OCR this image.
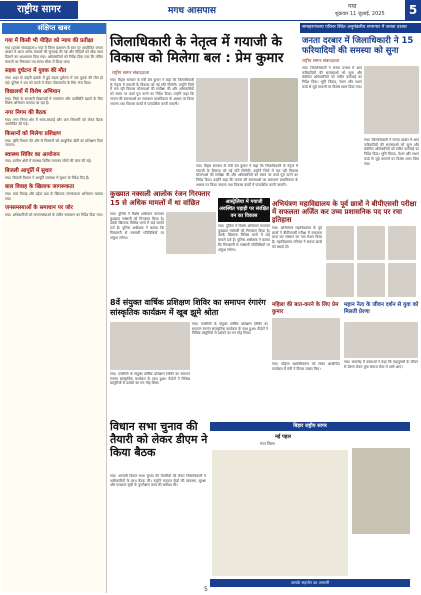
राष्ट्रीय सागर	मगध आसपास	गया
शुक्रवार 11 जुलाई, 2025	5
संक्षिप्त खबर
गया में किसी भी पीड़ित को न्याय की प्रतीक्षा
गया (हमारा संवाददाता)। गया में जिला प्रशासन के स्तर पर आयोजित जनता दरबार में आज अनेक मामलों की सुनवाई की गई और पीड़ितों को शीघ्र न्याय दिलाने का आश्वासन दिया गया। अधिकारियों को निर्देश दिया गया कि लंबित मामलों का निष्पादन तय समय सीमा में किया जाए।
सड़क दुर्घटना में युवक की मौत
गया। शहर के बाहरी इलाके में हुई सड़क दुर्घटना में एक युवक की मौत हो गई। पुलिस ने शव को कब्जे में लेकर पोस्टमार्टम के लिए भेज दिया।
विद्यालयों में विशेष अभियान
गया। जिले के सरकारी विद्यालयों में नामांकन और उपस्थिति बढ़ाने के लिए विशेष अभियान चलाया जा रहा है।
नगर निगम की बैठक
गया। नगर निगम क्षेत्र में साफ-सफाई और जल निकासी को लेकर बैठक आयोजित की गई।
किसानों को मिलेगा प्रशिक्षण
गया। कृषि विभाग की ओर से किसानों को आधुनिक खेती का प्रशिक्षण दिया जाएगा।
स्वास्थ्य शिविर का आयोजन
गया। ग्रामीण क्षेत्रों में स्वास्थ्य शिविर लगाकर लोगों की जांच की गई।
बिजली आपूर्ति में सुधार
गया। बिजली विभाग ने आपूर्ति व्यवस्था में सुधार के निर्देश दिए हैं।
बाल विवाह के खिलाफ जागरूकता
गया। बाल विवाह और दहेज प्रथा के खिलाफ जागरूकता अभियान चलाया गया।
जनसमस्याओं के समाधान पर जोर
गया। अधिकारियों को जनसमस्याओं के त्वरित समाधान का निर्देश दिया गया।
जिलाधिकारी के नेतृत्व में गयाजी के विकास को मिलेगा बल : प्रेम कुमार
राष्ट्रीय सागर संवाददाता
गया। बिहार सरकार के मंत्री प्रेम कुमार ने कहा कि जिलाधिकारी के नेतृत्व में गयाजी के विकास को नई गति मिलेगी। उन्होंने जिले में चल रही विकास योजनाओं की समीक्षा की और अधिकारियों को समय पर कार्य पूरा करने का निर्देश दिया। उन्होंने कहा कि जनता की समस्याओं का समाधान प्राथमिकता के आधार पर किया जाएगा तथा विकास कार्यों में पारदर्शिता बरती जाएगी।
गया। बिहार सरकार के मंत्री प्रेम कुमार ने कहा कि जिलाधिकारी के नेतृत्व में गयाजी के विकास को नई गति मिलेगी। उन्होंने जिले में चल रही विकास योजनाओं की समीक्षा की और अधिकारियों को समय पर कार्य पूरा करने का निर्देश दिया। उन्होंने कहा कि जनता की समस्याओं का समाधान प्राथमिकता के आधार पर किया जाएगा तथा विकास कार्यों में पारदर्शिता बरती जाएगी।
समाहरणालय परिसर स्थित अनुमंडलीय सभागार में जनता दरबार
जनता दरबार में जिलाधिकारी ने 15 फरियादियों की समस्या को सुना
राष्ट्रीय सागर संवाददाता
गया। जिलाधिकारी ने जनता दरबार में आए फरियादियों की समस्याओं को सुना और संबंधित अधिकारियों को त्वरित कार्रवाई का निर्देश दिया। भूमि विवाद, पेंशन और राशन कार्ड से जुड़े मामलों पर विशेष ध्यान दिया गया।
गया। जिलाधिकारी ने जनता दरबार में आए फरियादियों की समस्याओं को सुना और संबंधित अधिकारियों को त्वरित कार्रवाई का निर्देश दिया। भूमि विवाद, पेंशन और राशन कार्ड से जुड़े मामलों पर विशेष ध्यान दिया गया।
कुख्यात नक्सली आलोक रंजन गिरफ्तार 15 से अधिक मामलों में था वांछित
गया। पुलिस ने विशेष अभियान चलाकर कुख्यात नक्सली को गिरफ्तार किया है। उसके खिलाफ विभिन्न थानों में कई मामले दर्ज हैं। पुलिस अधीक्षक ने बताया कि गिरफ्तारी से नक्सली गतिविधियों पर अंकुश लगेगा।
आस्ट्रेलिया में गयाजी अवस्थित पहाड़ी पर संरक्षित वन का विकास
गया। पुलिस ने विशेष अभियान चलाकर कुख्यात नक्सली को गिरफ्तार किया है। उसके खिलाफ विभिन्न थानों में कई मामले दर्ज हैं। पुलिस अधीक्षक ने बताया कि गिरफ्तारी से नक्सली गतिविधियों पर अंकुश लगेगा।
अभियंत्रण महाविद्यालय के पूर्व छात्रों ने बीपीएससी परीक्षा में सफलता अर्जित कर उच्च प्रशासनिक पद पर रचा इतिहास
गया। अभियंत्रण महाविद्यालय के पूर्व छात्रों ने बीपीएससी परीक्षा में सफलता प्राप्त कर संस्थान का नाम रोशन किया है। महाविद्यालय परिवार ने सफल छात्रों को बधाई दी।
8वें संयुक्त वार्षिक प्रशिक्षण शिविर का समापन रंगारंग सांस्कृतिक कार्यक्रम में खूब झूमे श्रोता
गया। एनसीसी के संयुक्त वार्षिक प्रशिक्षण शिविर का समापन रंगारंग सांस्कृतिक कार्यक्रम के साथ हुआ। कैडेटों ने विभिन्न प्रस्तुतियों से दर्शकों का मन मोह लिया।
गया। एनसीसी के संयुक्त वार्षिक प्रशिक्षण शिविर का समापन रंगारंग सांस्कृतिक कार्यक्रम के साथ हुआ। कैडेटों ने विभिन्न प्रस्तुतियों से दर्शकों का मन मोह लिया।
महिला की बात-करने के लिए प्रेम कुमार
गया। महिला सशक्तिकरण को लेकर आयोजित कार्यक्रम में मंत्री ने विचार व्यक्त किए।
महान नेता के जीवन दर्शन से युवा को मिलती प्रेरणा
गया। समारोह में वक्ताओं ने कहा कि महापुरुषों के जीवन से प्रेरणा लेकर युवा समाज सेवा में आगे आएं।
विधान सभा चुनाव की तैयारी को लेकर डीएम ने किया बैठक
गया। आगामी विधान सभा चुनाव की तैयारियों को लेकर जिलाधिकारी ने अधिकारियों के साथ बैठक की। उन्होंने मतदान केंद्रों की व्यवस्था, सुरक्षा और मतदाता सूची के पुनरीक्षण कार्य की समीक्षा की।
बिहार राष्ट्रीय सागर
नई पहल
गया जिला
आपके सहयोग का आभारी
5
